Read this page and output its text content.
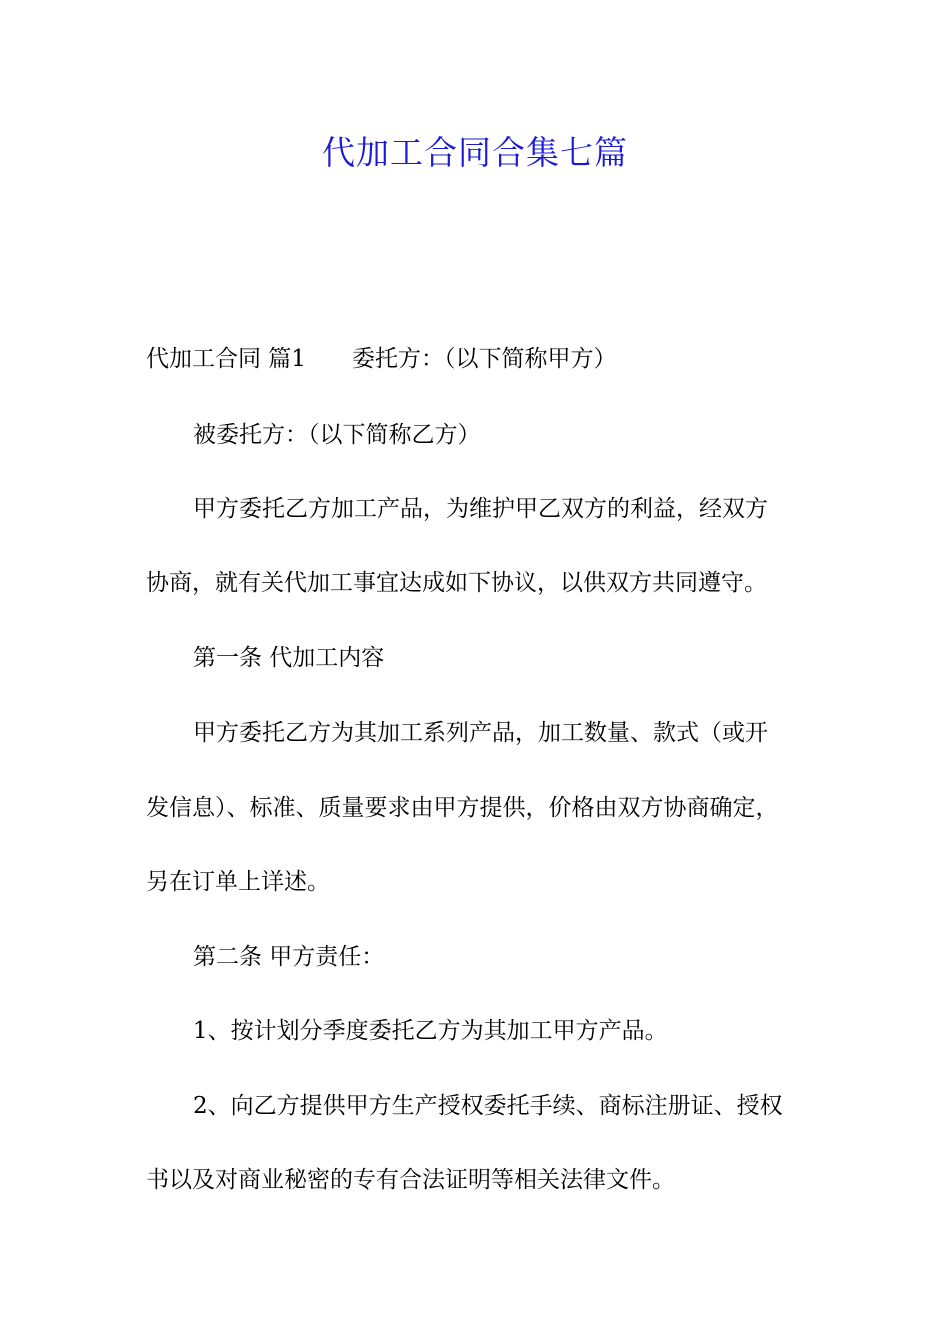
代加工合同合集七篇
代加工合同 篇1 委托方：（以下简称甲方）
被委托方：（以下简称乙方）
甲方委托乙方加工产品，为维护甲乙双方的利益，经双方
协商，就有关代加工事宜达成如下协议，以供双方共同遵守。
第一条 代加工内容
甲方委托乙方为其加工系列产品，加工数量、款式（或开
发信息）、标准、质量要求由甲方提供，价格由双方协商确定，
另在订单上详述。
第二条 甲方责任：
1、按计划分季度委托乙方为其加工甲方产品。
2、向乙方提供甲方生产授权委托手续、商标注册证、授权
书以及对商业秘密的专有合法证明等相关法律文件。
